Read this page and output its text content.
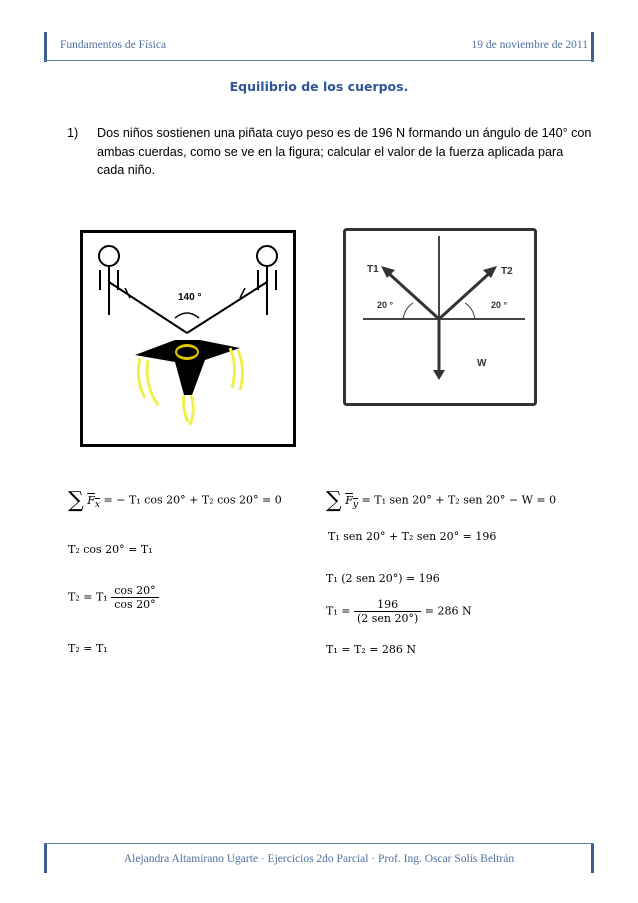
Fundamentos de Física	19 de noviembre de 2011
Equilibrio de los cuerpos.
1) Dos niños sostienen una piñata cuyo peso es de 196 N formando un ángulo de 140° con ambas cuerdas, como se ve en la figura; calcular el valor de la fuerza aplicada para cada niño.
140 °
T1	T2
20 °	20 °
W
∑ $F_x$ = − T₁ cos 20° + T₂ cos 20° = 0
T₂ cos 20° = T₁
$T_2 = T_1 \frac{\cos 20^\circ}{\cos 20^\circ}$
T₂ = T₁
∑ $F_y = T_1$ sen 20° + T₂ sen 20° − W = 0
T₁ sen 20° + T₂ sen 20° = 196
T₁ (2 sen 20°) = 196
$T_1 = \frac{196}{\text{(2 sen 20°)}} = 286$ N
T₁ = T₂ = 286 N
Alejandra Altamirano Ugarte · Ejercicios 2do Parcial · Prof. Ing. Oscar Solís Beltrán
